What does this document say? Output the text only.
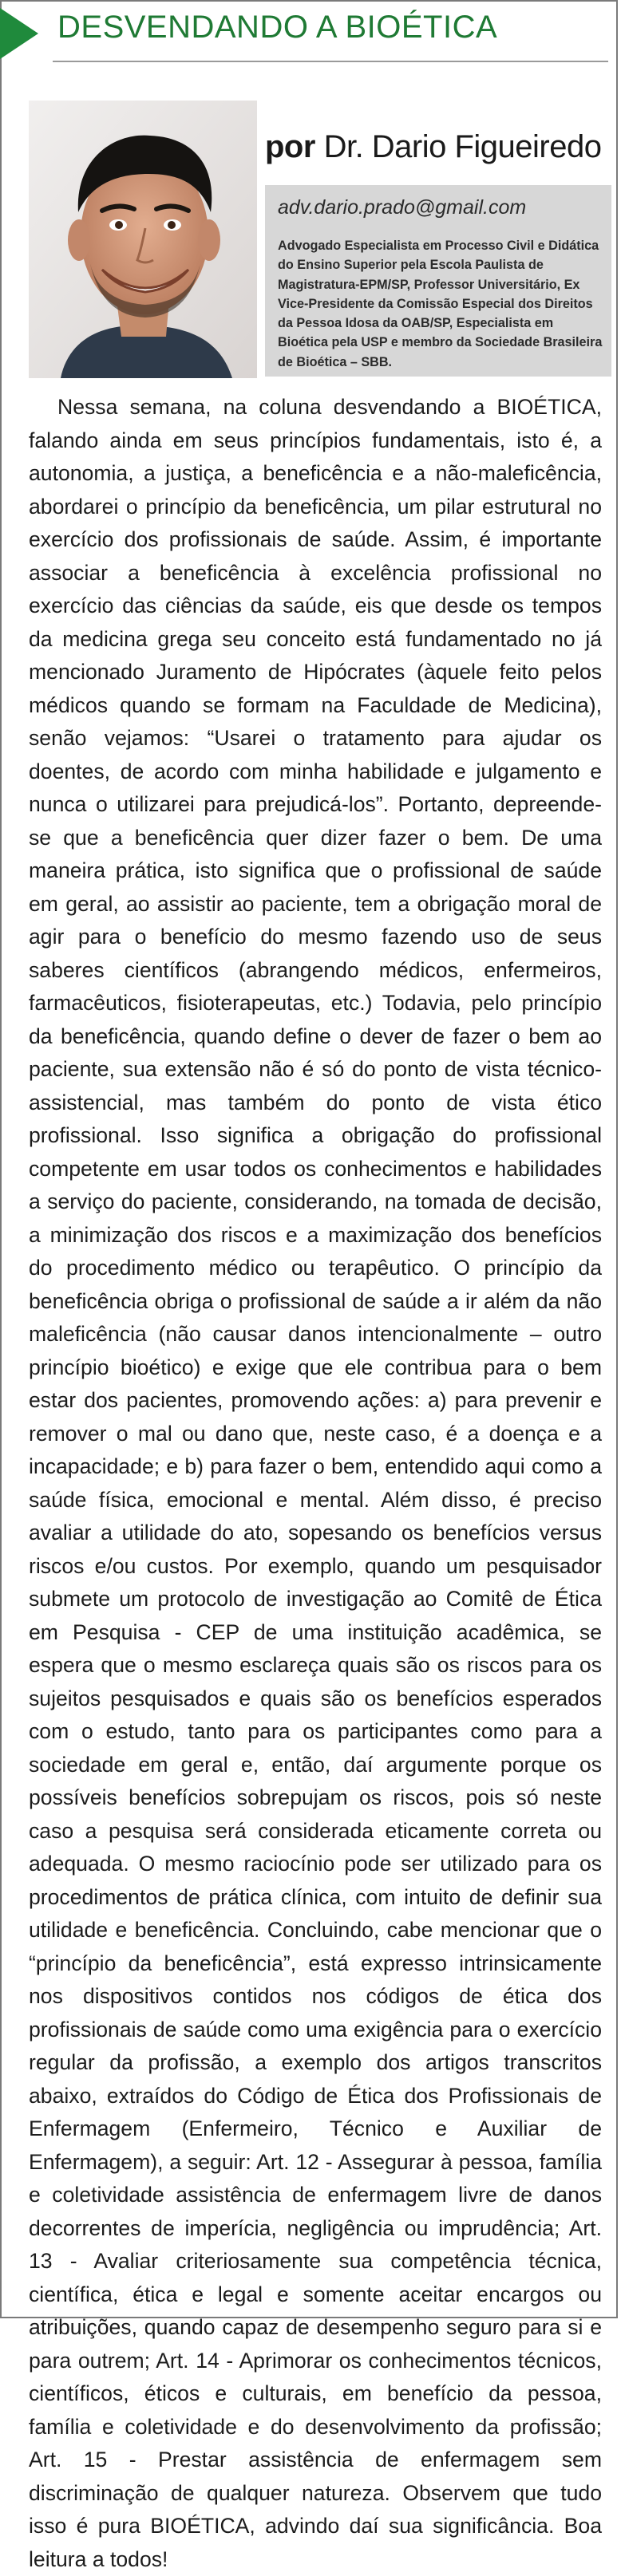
DESVENDANDO A BIOÉTICA
por Dr. Dario Figueiredo
adv.dario.prado@gmail.com
Advogado Especialista em Processo Civil e Didática do Ensino Superior pela Escola Paulista de Magistratura-EPM/SP, Professor Universitário, Ex Vice-Presidente da Comissão Especial dos Direitos da Pessoa Idosa da OAB/SP, Especialista em Bioética pela USP e membro da Sociedade Brasileira de Bioética – SBB.
Nessa semana, na coluna desvendando a BIOÉTICA, falando ainda em seus princípios fundamentais, isto é, a autonomia, a justiça, a beneficência e a não-maleficência, abordarei o princípio da beneficência, um pilar estrutural no exercício dos profissionais de saúde. Assim, é importante associar a beneficência à excelência profissional no exercício das ciências da saúde, eis que desde os tempos da medicina grega seu conceito está fundamentado no já mencionado Juramento de Hipócrates (àquele feito pelos médicos quando se formam na Faculdade de Medicina), senão vejamos: “Usarei o tratamento para ajudar os doentes, de acordo com minha habilidade e julgamento e nunca o utilizarei para prejudicá-los”. Portanto, depreende-se que a beneficência quer dizer fazer o bem. De uma maneira prática, isto significa que o profissional de saúde em geral, ao assistir ao paciente, tem a obrigação moral de agir para o benefício do mesmo fazendo uso de seus saberes científicos (abrangendo médicos, enfermeiros, farmacêuticos, fisioterapeutas, etc.) Todavia, pelo princípio da beneficência, quando define o dever de fazer o bem ao paciente, sua extensão não é só do ponto de vista técnico-assistencial, mas também do ponto de vista ético profissional. Isso significa a obrigação do profissional competente em usar todos os conhecimentos e habilidades a serviço do paciente, considerando, na tomada de decisão, a minimização dos riscos e a maximização dos benefícios do procedimento médico ou terapêutico. O princípio da beneficência obriga o profissional de saúde a ir além da não maleficência (não causar danos intencionalmente – outro princípio bioético) e exige que ele contribua para o bem estar dos pacientes, promovendo ações: a) para prevenir e remover o mal ou dano que, neste caso, é a doença e a incapacidade; e b) para fazer o bem, entendido aqui como a saúde física, emocional e mental. Além disso, é preciso avaliar a utilidade do ato, sopesando os benefícios versus riscos e/ou custos. Por exemplo, quando um pesquisador submete um protocolo de investigação ao Comitê de Ética em Pesquisa - CEP de uma instituição acadêmica, se espera que o mesmo esclareça quais são os riscos para os sujeitos pesquisados e quais são os benefícios esperados com o estudo, tanto para os participantes como para a sociedade em geral e, então, daí argumente porque os possíveis benefícios sobrepujam os riscos, pois só neste caso a pesquisa será considerada eticamente correta ou adequada. O mesmo raciocínio pode ser utilizado para os procedimentos de prática clínica, com intuito de definir sua utilidade e beneficência. Concluindo, cabe mencionar que o “princípio da beneficência”, está expresso intrinsicamente nos dispositivos contidos nos códigos de ética dos profissionais de saúde como uma exigência para o exercício regular da profissão, a exemplo dos artigos transcritos abaixo, extraídos do Código de Ética dos Profissionais de Enfermagem (Enfermeiro, Técnico e Auxiliar de Enfermagem), a seguir: Art. 12 - Assegurar à pessoa, família e coletividade assistência de enfermagem livre de danos decorrentes de imperícia, negligência ou imprudência; Art. 13 - Avaliar criteriosamente sua competência técnica, científica, ética e legal e somente aceitar encargos ou atribuições, quando capaz de desempenho seguro para si e para outrem; Art. 14 - Aprimorar os conhecimentos técnicos, científicos, éticos e culturais, em benefício da pessoa, família e coletividade e do desenvolvimento da profissão; Art. 15 - Prestar assistência de enfermagem sem discriminação de qualquer natureza. Observem que tudo isso é pura BIOÉTICA, advindo daí sua significância. Boa leitura a todos!
